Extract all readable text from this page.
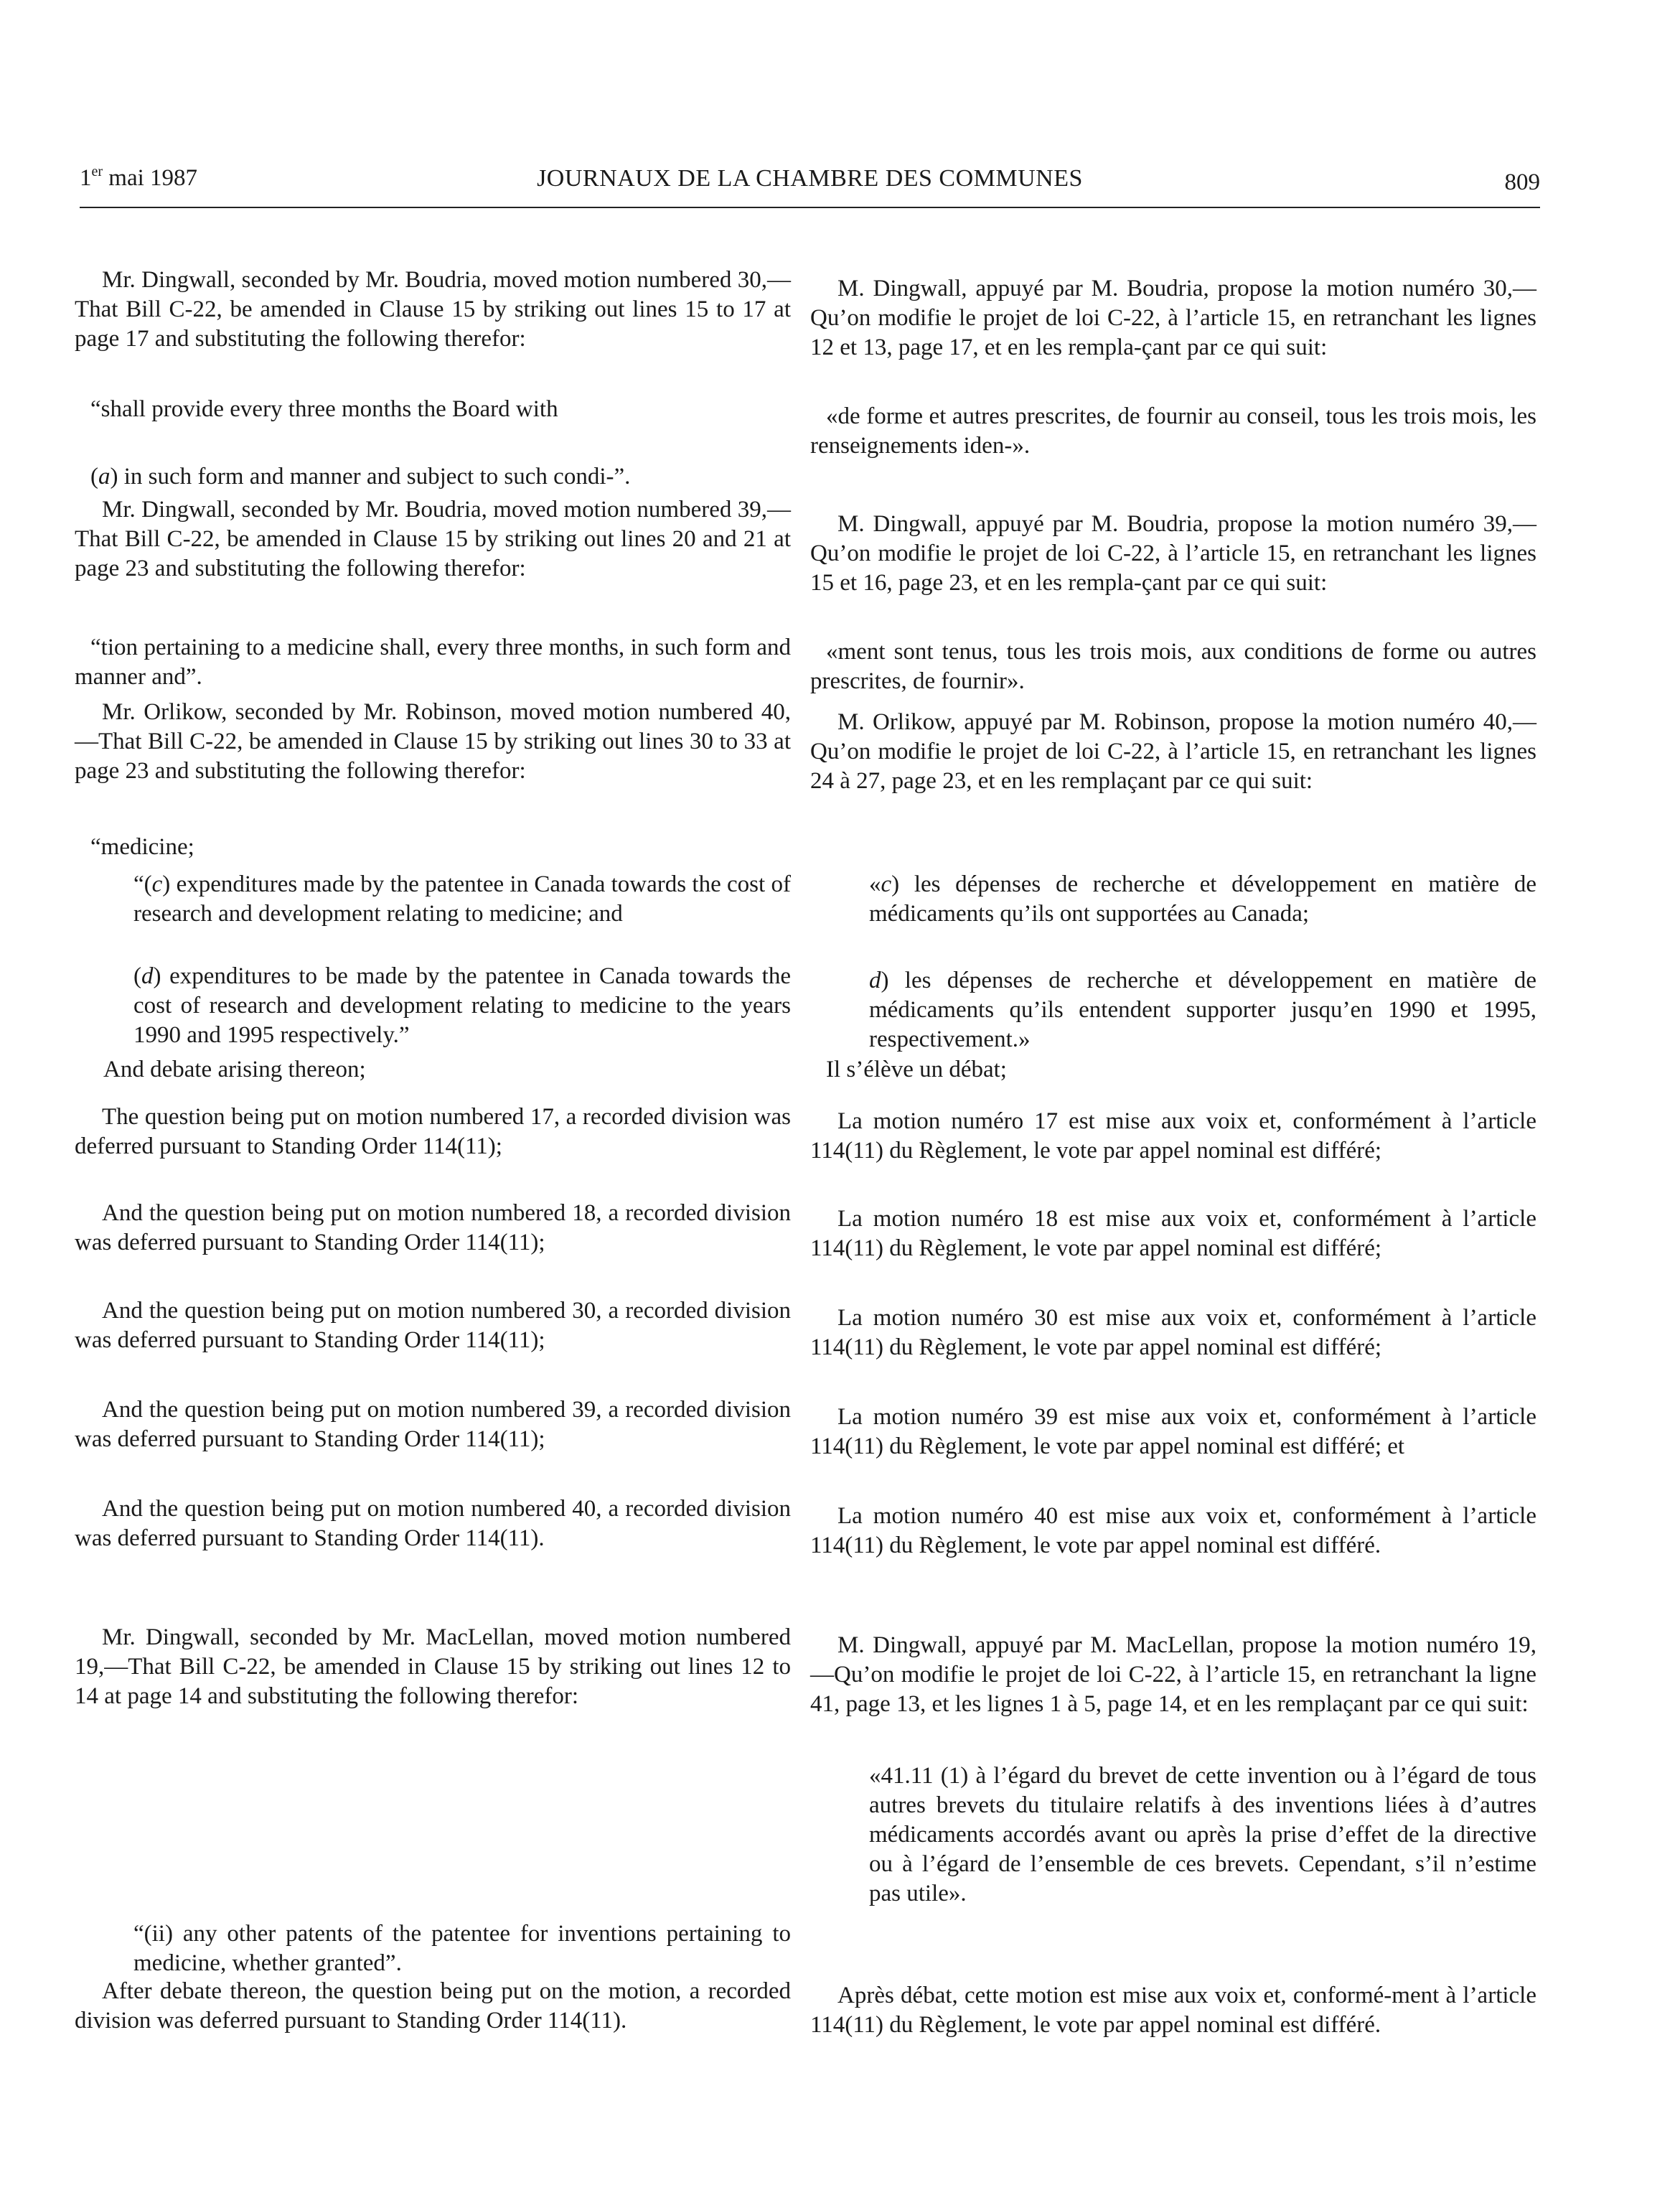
1er mai 1987	JOURNAUX DE LA CHAMBRE DES COMMUNES	809

Mr. Dingwall, seconded by Mr. Boudria, moved motion numbered 30,—That Bill C-22, be amended in Clause 15 by striking out lines 15 to 17 at page 17 and substituting the following therefor:

“shall provide every three months the Board with

(a) in such form and manner and subject to such condi-”.

Mr. Dingwall, seconded by Mr. Boudria, moved motion numbered 39,—That Bill C-22, be amended in Clause 15 by striking out lines 20 and 21 at page 23 and substituting the following therefor:

“tion pertaining to a medicine shall, every three months, in such form and manner and”.

Mr. Orlikow, seconded by Mr. Robinson, moved motion numbered 40,—That Bill C-22, be amended in Clause 15 by striking out lines 30 to 33 at page 23 and substituting the following therefor:

“medicine;

“(c) expenditures made by the patentee in Canada towards the cost of research and development relating to medicine; and

(d) expenditures to be made by the patentee in Canada towards the cost of research and development relating to medicine to the years 1990 and 1995 respectively.”

And debate arising thereon;

The question being put on motion numbered 17, a recorded division was deferred pursuant to Standing Order 114(11);

And the question being put on motion numbered 18, a recorded division was deferred pursuant to Standing Order 114(11);

And the question being put on motion numbered 30, a recorded division was deferred pursuant to Standing Order 114(11);

And the question being put on motion numbered 39, a recorded division was deferred pursuant to Standing Order 114(11);

And the question being put on motion numbered 40, a recorded division was deferred pursuant to Standing Order 114(11).

Mr. Dingwall, seconded by Mr. MacLellan, moved motion numbered 19,—That Bill C-22, be amended in Clause 15 by striking out lines 12 to 14 at page 14 and substituting the following therefor:

“(ii) any other patents of the patentee for inventions pertaining to medicine, whether granted”.

After debate thereon, the question being put on the motion, a recorded division was deferred pursuant to Standing Order 114(11).

M. Dingwall, appuyé par M. Boudria, propose la motion numéro 30,—Qu’on modifie le projet de loi C-22, à l’article 15, en retranchant les lignes 12 et 13, page 17, et en les rempla-çant par ce qui suit:

«de forme et autres prescrites, de fournir au conseil, tous les trois mois, les renseignements iden-».

M. Dingwall, appuyé par M. Boudria, propose la motion numéro 39,—Qu’on modifie le projet de loi C-22, à l’article 15, en retranchant les lignes 15 et 16, page 23, et en les rempla-çant par ce qui suit:

«ment sont tenus, tous les trois mois, aux conditions de forme ou autres prescrites, de fournir».

M. Orlikow, appuyé par M. Robinson, propose la motion numéro 40,—Qu’on modifie le projet de loi C-22, à l’article 15, en retranchant les lignes 24 à 27, page 23, et en les remplaçant par ce qui suit:

«c) les dépenses de recherche et développement en matière de médicaments qu’ils ont supportées au Canada;

d) les dépenses de recherche et développement en matière de médicaments qu’ils entendent supporter jusqu’en 1990 et 1995, respectivement.»

Il s’élève un débat;

La motion numéro 17 est mise aux voix et, conformément à l’article 114(11) du Règlement, le vote par appel nominal est différé;

La motion numéro 18 est mise aux voix et, conformément à l’article 114(11) du Règlement, le vote par appel nominal est différé;

La motion numéro 30 est mise aux voix et, conformément à l’article 114(11) du Règlement, le vote par appel nominal est différé;

La motion numéro 39 est mise aux voix et, conformément à l’article 114(11) du Règlement, le vote par appel nominal est différé; et

La motion numéro 40 est mise aux voix et, conformément à l’article 114(11) du Règlement, le vote par appel nominal est différé.

M. Dingwall, appuyé par M. MacLellan, propose la motion numéro 19,—Qu’on modifie le projet de loi C-22, à l’article 15, en retranchant la ligne 41, page 13, et les lignes 1 à 5, page 14, et en les remplaçant par ce qui suit:

«41.11 (1) à l’égard du brevet de cette invention ou à l’égard de tous autres brevets du titulaire relatifs à des inventions liées à d’autres médicaments accordés avant ou après la prise d’effet de la directive ou à l’égard de l’ensemble de ces brevets. Cependant, s’il n’estime pas utile».

Après débat, cette motion est mise aux voix et, conformé-ment à l’article 114(11) du Règlement, le vote par appel nominal est différé.
